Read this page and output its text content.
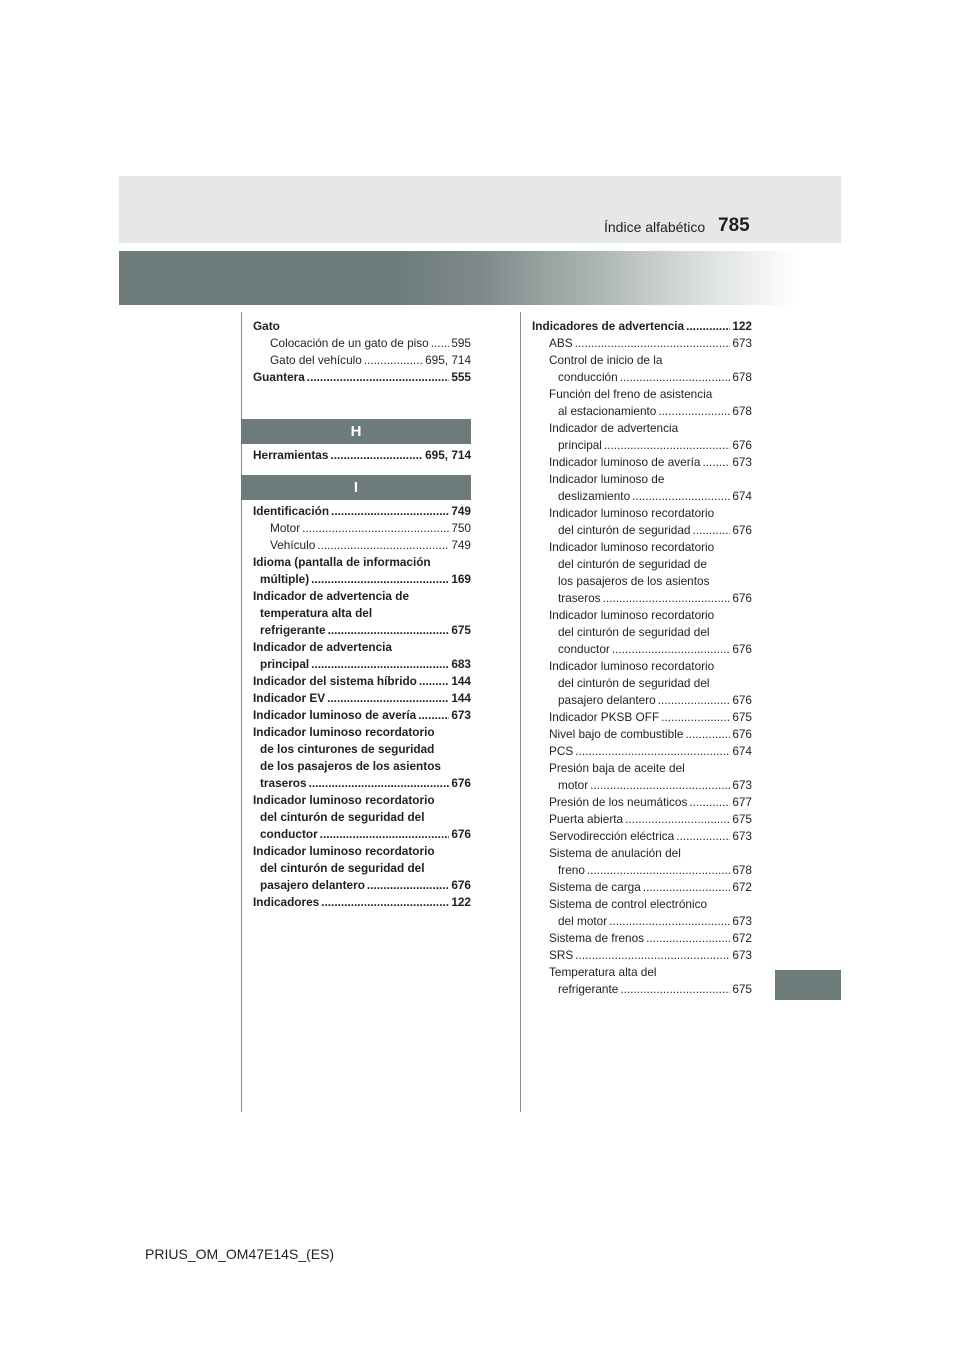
Índice alfabético 785
Gato
Colocación de un gato de piso ..... 595
Gato del vehículo .....	695, 714
Guantera .....	555
H
Herramientas .....	695, 714
I
Identificación .....	749
Motor .....	750
Vehículo .....	749
Idioma (pantalla de información
múltiple) .....	169
Indicador de advertencia de
temperatura alta del
refrigerante .....	675
Indicador de advertencia
principal .....	683
Indicador del sistema híbrido .....	144
Indicador EV .....	144
Indicador luminoso de avería .....	673
Indicador luminoso recordatorio
de los cinturones de seguridad
de los pasajeros de los asientos
traseros .....	676
Indicador luminoso recordatorio
del cinturón de seguridad del
conductor .....	676
Indicador luminoso recordatorio
del cinturón de seguridad del
pasajero delantero .....	676
Indicadores .....	122
Indicadores de advertencia .....	122
ABS .....	673
Control de inicio de la
conducción .....	678
Función del freno de asistencia
al estacionamiento .....	678
Indicador de advertencia
principal .....	676
Indicador luminoso de avería .....	673
Indicador luminoso de
deslizamiento .....	674
Indicador luminoso recordatorio
del cinturón de seguridad .....	676
Indicador luminoso recordatorio
del cinturón de seguridad de
los pasajeros de los asientos
traseros .....	676
Indicador luminoso recordatorio
del cinturón de seguridad del
conductor .....	676
Indicador luminoso recordatorio
del cinturón de seguridad del
pasajero delantero .....	676
Indicador PKSB OFF .....	675
Nivel bajo de combustible .....	676
PCS .....	674
Presión baja de aceite del
motor .....	673
Presión de los neumáticos .....	677
Puerta abierta .....	675
Servodirección eléctrica .....	673
Sistema de anulación del
freno .....	678
Sistema de carga .....	672
Sistema de control electrónico
del motor .....	673
Sistema de frenos .....	672
SRS .....	673
Temperatura alta del
refrigerante .....	675
PRIUS_OM_OM47E14S_(ES)
